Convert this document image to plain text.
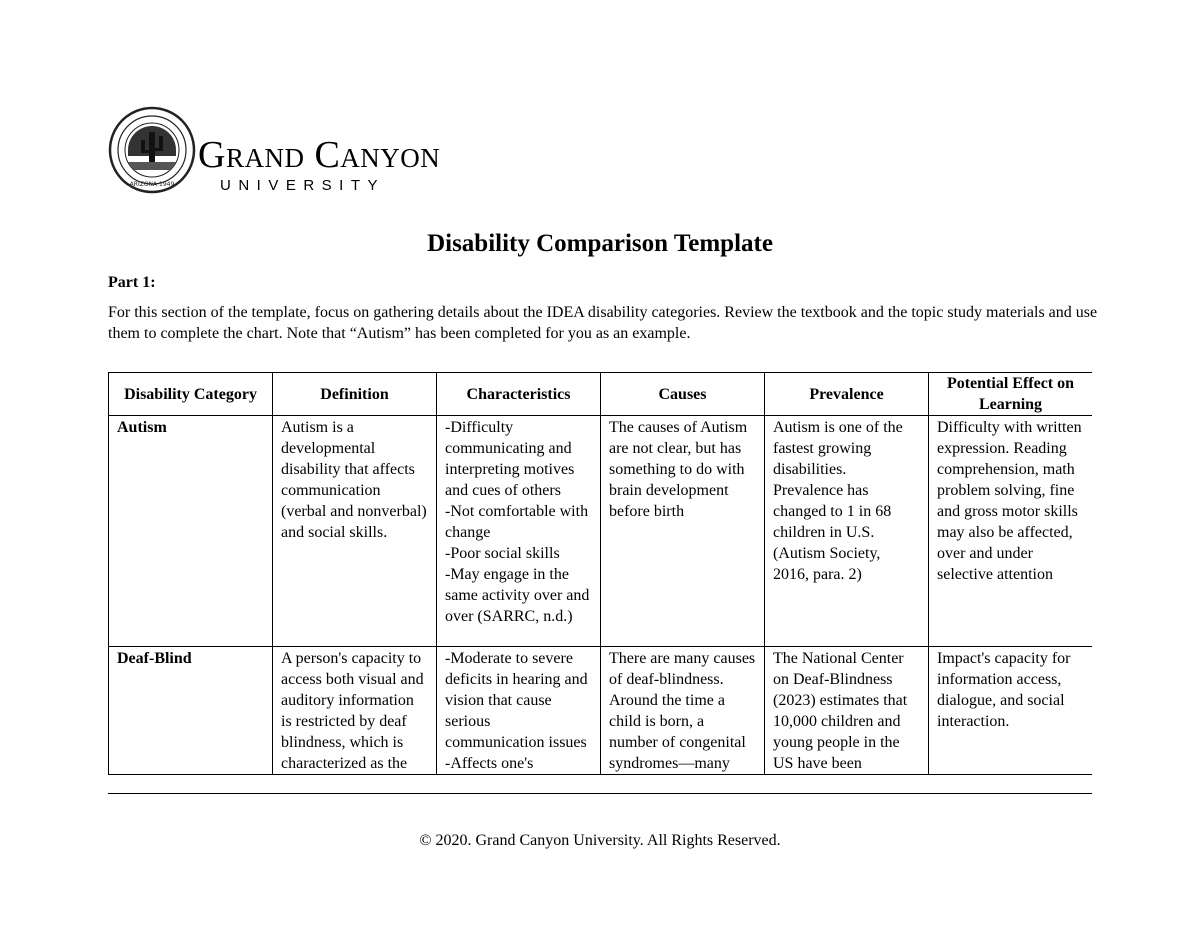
ARIZONA 1949
Grand Canyon
UNIVERSITY
Disability Comparison Template

Part 1:

For this section of the template, focus on gathering details about the IDEA disability categories. Review the textbook and the topic study materials and use them to complete the chart. Note that “Autism” has been completed for you as an example.

Disability Category	Definition	Characteristics	Causes	Prevalence	Potential Effect on Learning
Autism	Autism is a developmental disability that affects communication (verbal and nonverbal) and social skills.	-Difficulty communicating and interpreting motives and cues of others
-Not comfortable with change
-Poor social skills
-May engage in the same activity over and over (SARRC, n.d.)	The causes of Autism are not clear, but has something to do with brain development before birth	Autism is one of the fastest growing disabilities. Prevalence has changed to 1 in 68 children in U.S. (Autism Society, 2016, para. 2)	Difficulty with written expression. Reading comprehension, math problem solving, fine and gross motor skills may also be affected, over and under selective attention
Deaf-Blind	A person's capacity to access both visual and auditory information is restricted by deaf blindness, which is characterized as the	-Moderate to severe deficits in hearing and vision that cause serious communication issues
-Affects one's	There are many causes of deaf-blindness. Around the time a child is born, a number of congenital syndromes—many	The National Center on Deaf-Blindness (2023) estimates that 10,000 children and young people in the US have been	Impact's capacity for information access, dialogue, and social interaction.

© 2020. Grand Canyon University. All Rights Reserved.
